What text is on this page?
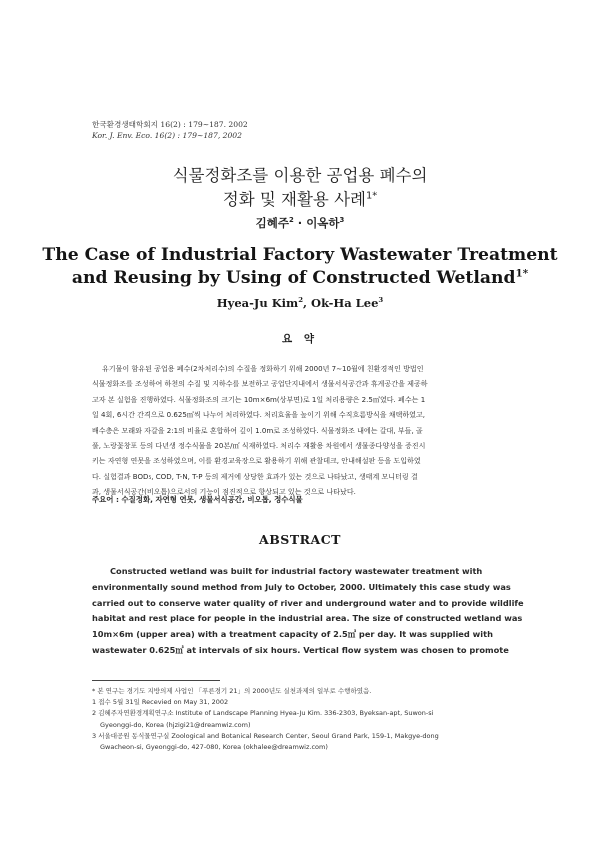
한국환경생태학회지 16(2) : 179∼187. 2002
Kor. J. Env. Eco. 16(2) : 179∼187, 2002
식물정화조를 이용한 공업용 폐수의
정화 및 재활용 사례$^{1*}$
김혜주$^2$ · 이옥하$^3$
The Case of Industrial Factory Wastewater Treatment
and Reusing by Using of Constructed Wetland$^{1*}$
Hyea-Ju Kim$^2$, Ok-Ha Lee$^3$
요 약
유기물이 함유된 공업용 폐수(2차처리수)의 수질을 정화하기 위해 2000년 7∼10월에 친환경적인 방법인
식물정화조를 조성하여 하천의 수질 및 지하수를 보전하고 공업단지내에서 생물서식공간과 휴게공간을 제공하
고자 본 실험을 진행하였다. 식물정화조의 크기는 10m×6m(상부면)로 1일 처리용량은 2.5㎥였다. 폐수는 1
일 4회, 6시간 간격으로 0.625㎥씩 나누어 처리하였다. 처리효율을 높이기 위해 수직흐름방식을 채택하였고,
배수층은 모래와 자갈을 2:1의 비율로 혼합하여 깊이 1.0m로 조성하였다. 식물정화조 내에는 갈대, 부들, 골
풀, 노랑꽃창포 등의 다년생 정수식물을 20본/㎡ 식재하였다. 처리수 재활용 차원에서 생물종다양성을 증진시
키는 자연형 연못을 조성하였으며, 이를 환경교육장으로 활용하기 위해 관찰데크, 안내해설판 등을 도입하였
다. 실험결과 BOD₅, COD, T-N, T-P 등의 제거에 상당한 효과가 있는 것으로 나타났고, 생태계 모니터링 결
과, 생물서식공간(비오톱)으로서의 기능이 점진적으로 향상되고 있는 것으로 나타났다.
주요어 : 수질정화, 자연형 연못, 생물서식공간, 비오톱, 정수식물
ABSTRACT
Constructed wetland was built for industrial factory wastewater treatment with
environmentally sound method from July to October, 2000. Ultimately this case study was
carried out to conserve water quality of river and underground water and to provide wildlife
habitat and rest place for people in the industrial area. The size of constructed wetland was
10m×6m (upper area) with a treatment capacity of 2.5㎥ per day. It was supplied with
wastewater 0.625㎥ at intervals of six hours. Vertical flow system was chosen to promote
* 본 연구는 경기도 지방의제 사업인 「푸른경기 21」의 2000년도 실천과제의 일부로 수행하였음.
1 접수 5월 31일 Recevied on May 31, 2002
2 김혜주자연환경계획연구소 Institute of Landscape Planning Hyea-Ju Kim. 336-2303, Byeksan-apt, Suwon-si
Gyeonggi-do, Korea (hjzigi21@dreamwiz.com)
3 서울대공원 동식물연구실 Zoological and Botanical Research Center, Seoul Grand Park, 159-1, Makgye-dong
Gwacheon-si, Gyeonggi-do, 427-080, Korea (okhalee@dreamwiz.com)
